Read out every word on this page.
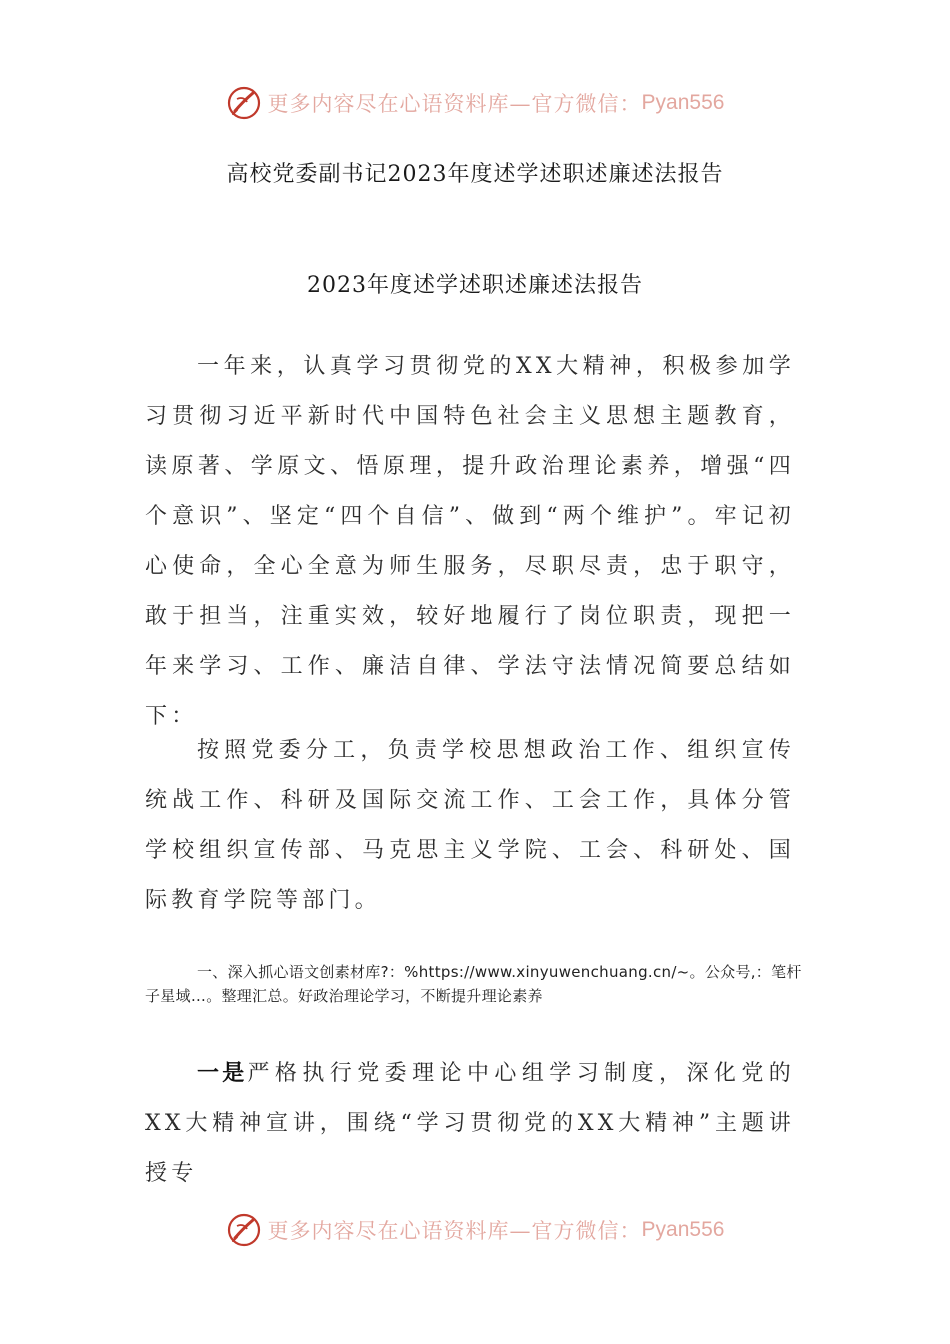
更多内容尽在心语资料库—官方微信： Pyan556
高校党委副书记2023年度述学述职述廉述法报告
2023年度述学述职述廉述法报告

一年来，认真学习贯彻党的XX大精神，积极参加学习贯彻习近平新时代中国特色社会主义思想主题教育，读原著、学原文、悟原理，提升政治理论素养，增强“四个意识”、坚定“四个自信”、做到“两个维护”。牢记初心使命，全心全意为师生服务，尽职尽责，忠于职守，敢于担当，注重实效，较好地履行了岗位职责，现把一年来学习、工作、廉洁自律、学法守法情况简要总结如下：

按照党委分工，负责学校思想政治工作、组织宣传统战工作、科研及国际交流工作、工会工作，具体分管学校组织宣传部、马克思主义学院、工会、科研处、国际教育学院等部门。

一、深入抓心语文创素材库?：%https://www.xinyuwenchuang.cn/~。公众号,：笔杆子星域…。整理汇总。好政治理论学习，不断提升理论素养

一是严格执行党委理论中心组学习制度，深化党的XX大精神宣讲，围绕“学习贯彻党的XX大精神”主题讲授专

更多内容尽在心语资料库—官方微信： Pyan556
